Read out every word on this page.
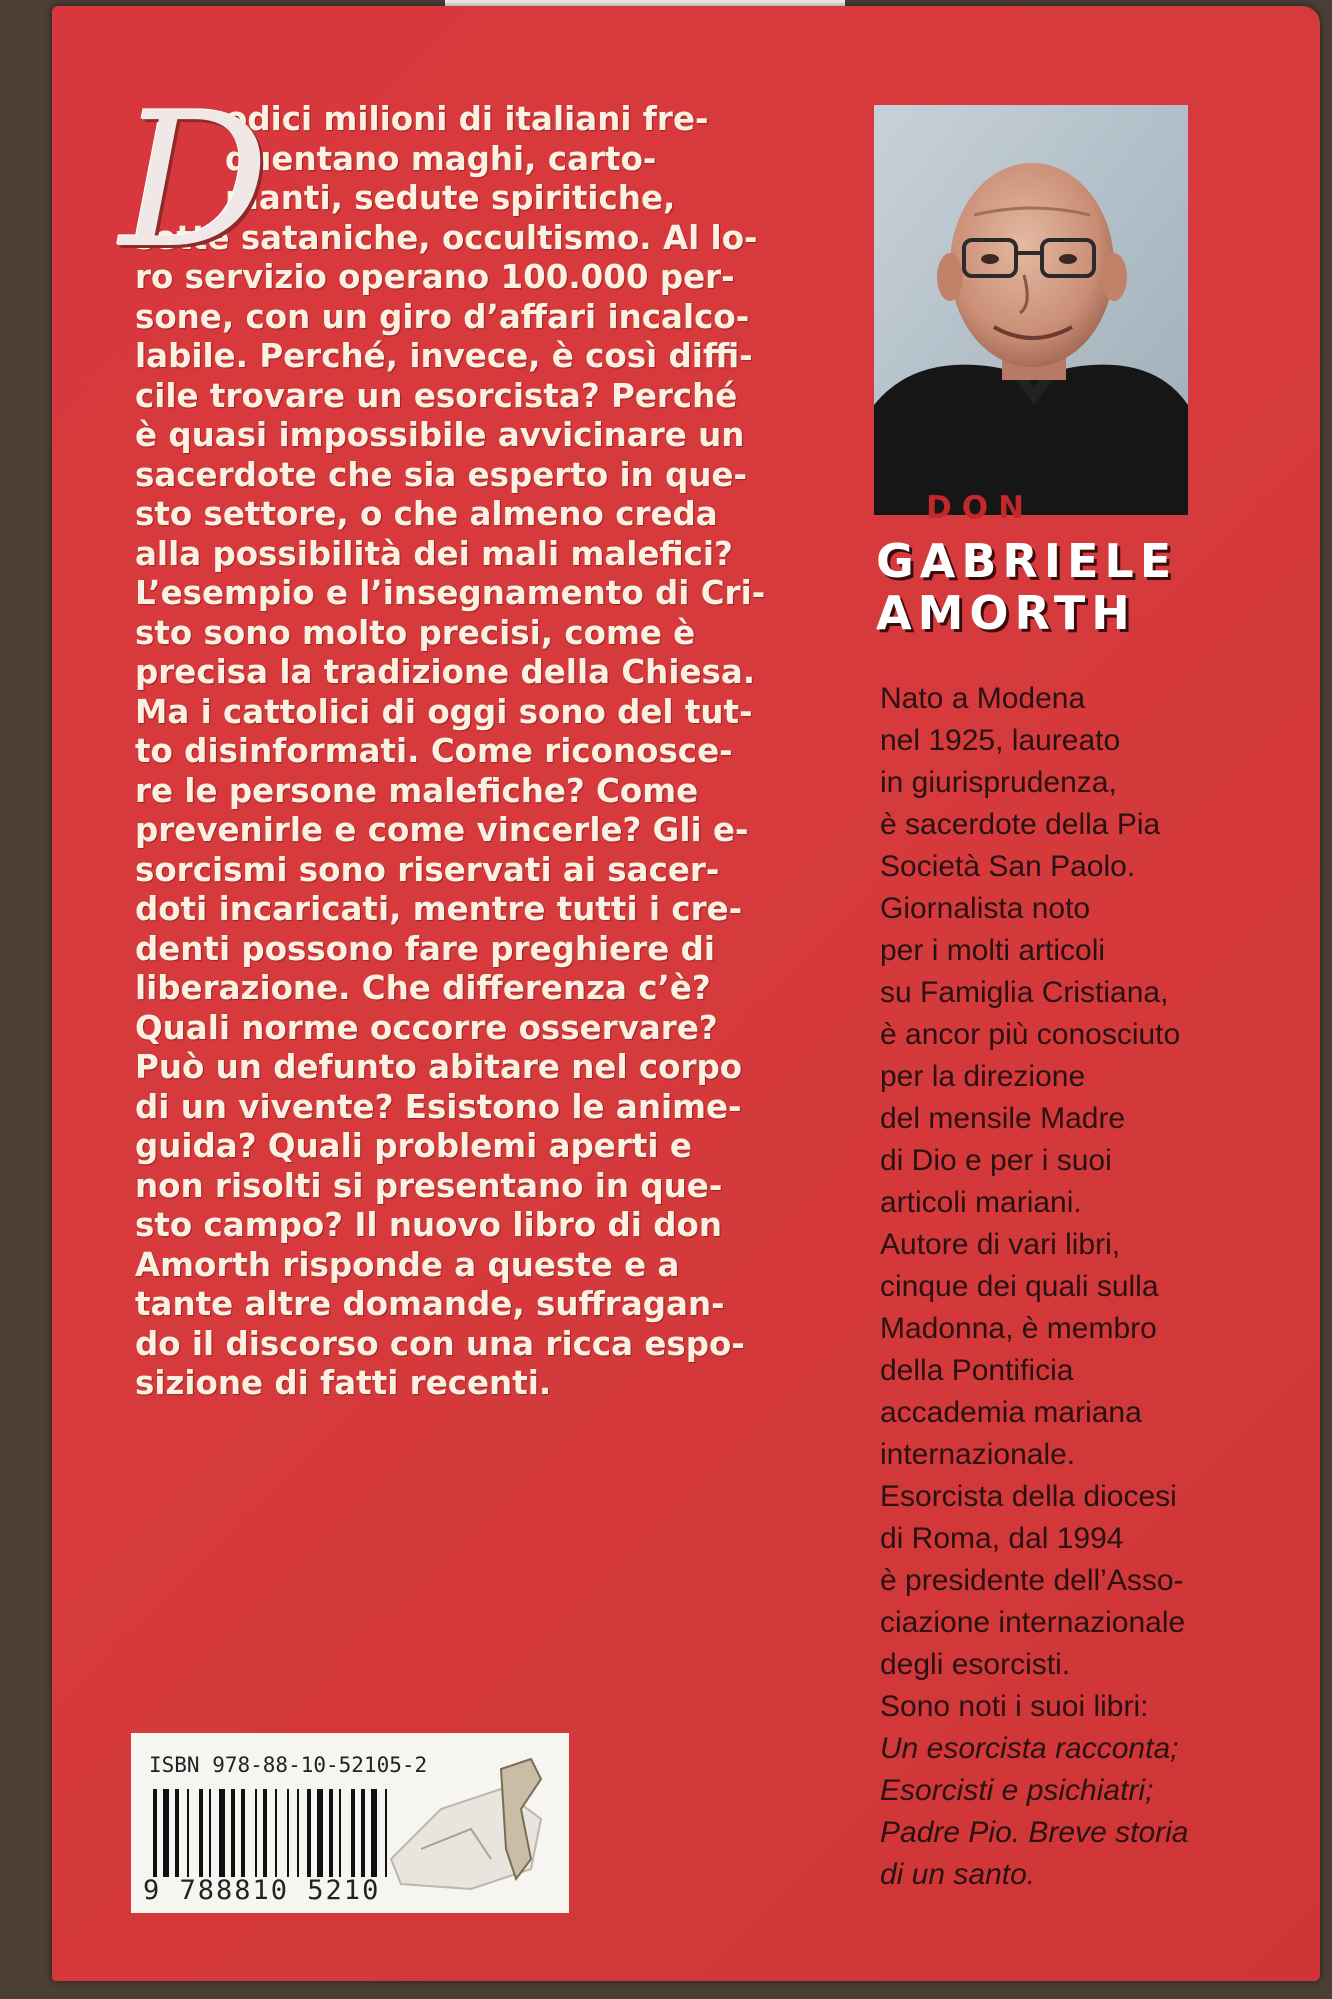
D
odici milioni di italiani fre-
quentano maghi, carto-
manti, sedute spiritiche,
sette sataniche, occultismo. Al lo-
ro servizio operano 100.000 per-
sone, con un giro d’affari incalco-
labile. Perché, invece, è così diffi-
cile trovare un esorcista? Perché
è quasi impossibile avvicinare un
sacerdote che sia esperto in que-
sto settore, o che almeno creda
alla possibilità dei mali malefici?
L’esempio e l’insegnamento di Cri-
sto sono molto precisi, come è
precisa la tradizione della Chiesa.
Ma i cattolici di oggi sono del tut-
to disinformati. Come riconosce-
re le persone malefiche? Come
prevenirle e come vincerle? Gli e-
sorcismi sono riservati ai sacer-
doti incaricati, mentre tutti i cre-
denti possono fare preghiere di
liberazione. Che differenza c’è?
Quali norme occorre osservare?
Può un defunto abitare nel corpo
di un vivente? Esistono le anime-
guida? Quali problemi aperti e
non risolti si presentano in que-
sto campo? Il nuovo libro di don
Amorth risponde a queste e a
tante altre domande, suffragan-
do il discorso con una ricca espo-
sizione di fatti recenti.
ISBN 978-88-10-52105-2
9 788810 5210
DON
GABRIELE
AMORTH
Nato a Modena
nel 1925, laureato
in giurisprudenza,
è sacerdote della Pia
Società San Paolo.
Giornalista noto
per i molti articoli
su Famiglia Cristiana,
è ancor più conosciuto
per la direzione
del mensile Madre
di Dio e per i suoi
articoli mariani.
Autore di vari libri,
cinque dei quali sulla
Madonna, è membro
della Pontificia
accademia mariana
internazionale.
Esorcista della diocesi
di Roma, dal 1994
è presidente dell’Asso-
ciazione internazionale
degli esorcisti.
Sono noti i suoi libri:
Un esorcista racconta;
Esorcisti e psichiatri;
Padre Pio. Breve storia
di un santo.
